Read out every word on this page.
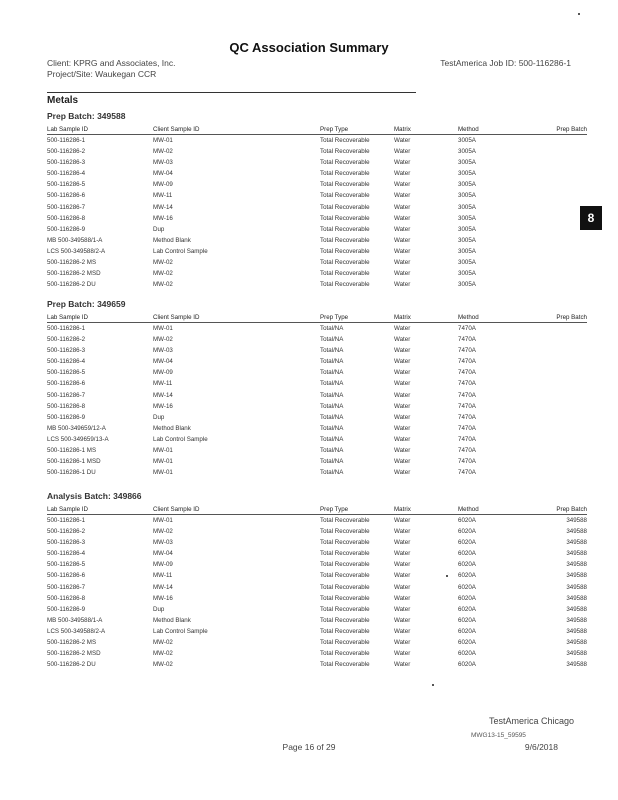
QC Association Summary
Client: KPRG and Associates, Inc.
Project/Site: Waukegan CCR
TestAmerica Job ID: 500-116286-1
Metals
8
Prep Batch: 349588
Lab Sample ID	Client Sample ID	Prep Type	Matrix	Method	Prep Batch
500-116286-1	MW-01	Total Recoverable	Water	3005A	
500-116286-2	MW-02	Total Recoverable	Water	3005A	
500-116286-3	MW-03	Total Recoverable	Water	3005A	
500-116286-4	MW-04	Total Recoverable	Water	3005A	
500-116286-5	MW-09	Total Recoverable	Water	3005A	
500-116286-6	MW-11	Total Recoverable	Water	3005A	
500-116286-7	MW-14	Total Recoverable	Water	3005A	
500-116286-8	MW-16	Total Recoverable	Water	3005A	
500-116286-9	Dup	Total Recoverable	Water	3005A	
MB 500-349588/1-A	Method Blank	Total Recoverable	Water	3005A	
LCS 500-349588/2-A	Lab Control Sample	Total Recoverable	Water	3005A	
500-116286-2 MS	MW-02	Total Recoverable	Water	3005A	
500-116286-2 MSD	MW-02	Total Recoverable	Water	3005A	
500-116286-2 DU	MW-02	Total Recoverable	Water	3005A	
Prep Batch: 349659
Lab Sample ID	Client Sample ID	Prep Type	Matrix	Method	Prep Batch
500-116286-1	MW-01	Total/NA	Water	7470A	
500-116286-2	MW-02	Total/NA	Water	7470A	
500-116286-3	MW-03	Total/NA	Water	7470A	
500-116286-4	MW-04	Total/NA	Water	7470A	
500-116286-5	MW-09	Total/NA	Water	7470A	
500-116286-6	MW-11	Total/NA	Water	7470A	
500-116286-7	MW-14	Total/NA	Water	7470A	
500-116286-8	MW-16	Total/NA	Water	7470A	
500-116286-9	Dup	Total/NA	Water	7470A	
MB 500-349659/12-A	Method Blank	Total/NA	Water	7470A	
LCS 500-349659/13-A	Lab Control Sample	Total/NA	Water	7470A	
500-116286-1 MS	MW-01	Total/NA	Water	7470A	
500-116286-1 MSD	MW-01	Total/NA	Water	7470A	
500-116286-1 DU	MW-01	Total/NA	Water	7470A	
Analysis Batch: 349866
Lab Sample ID	Client Sample ID	Prep Type	Matrix	Method	Prep Batch
500-116286-1	MW-01	Total Recoverable	Water	6020A	349588
500-116286-2	MW-02	Total Recoverable	Water	6020A	349588
500-116286-3	MW-03	Total Recoverable	Water	6020A	349588
500-116286-4	MW-04	Total Recoverable	Water	6020A	349588
500-116286-5	MW-09	Total Recoverable	Water	6020A	349588
500-116286-6	MW-11	Total Recoverable	Water	6020A	349588
500-116286-7	MW-14	Total Recoverable	Water	6020A	349588
500-116286-8	MW-16	Total Recoverable	Water	6020A	349588
500-116286-9	Dup	Total Recoverable	Water	6020A	349588
MB 500-349588/1-A	Method Blank	Total Recoverable	Water	6020A	349588
LCS 500-349588/2-A	Lab Control Sample	Total Recoverable	Water	6020A	349588
500-116286-2 MS	MW-02	Total Recoverable	Water	6020A	349588
500-116286-2 MSD	MW-02	Total Recoverable	Water	6020A	349588
500-116286-2 DU	MW-02	Total Recoverable	Water	6020A	349588
TestAmerica Chicago
MWG13-15_59595
Page 16 of 29	9/6/2018
